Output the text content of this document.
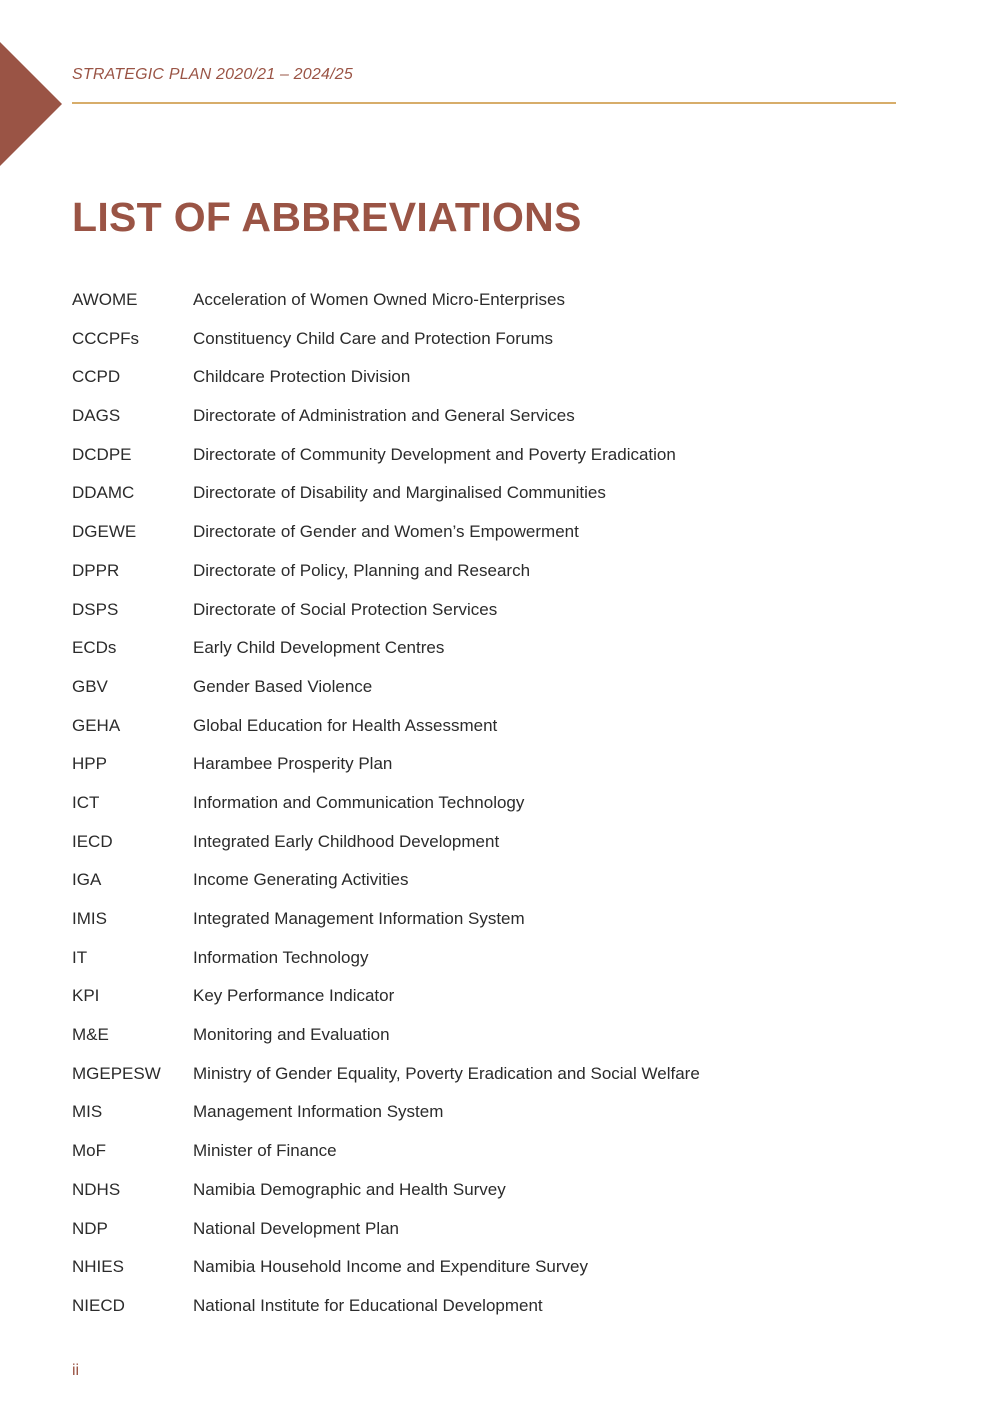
STRATEGIC PLAN 2020/21 – 2024/25
LIST OF ABBREVIATIONS
AWOME	Acceleration of Women Owned Micro-Enterprises
CCCPFs	Constituency Child Care and Protection Forums
CCPD	Childcare Protection Division
DAGS	Directorate of Administration and General Services
DCDPE	Directorate of Community Development and Poverty Eradication
DDAMC	Directorate of Disability and Marginalised Communities
DGEWE	Directorate of Gender and Women’s Empowerment
DPPR	Directorate of Policy, Planning and Research
DSPS	Directorate of Social Protection Services
ECDs	Early Child Development Centres
GBV	Gender Based Violence
GEHA	Global Education for Health Assessment
HPP	Harambee Prosperity Plan
ICT	Information and Communication Technology
IECD	Integrated Early Childhood Development
IGA	Income Generating Activities
IMIS	Integrated Management Information System
IT	Information Technology
KPI	Key Performance Indicator
M&E	Monitoring and Evaluation
MGEPESW	Ministry of Gender Equality, Poverty Eradication and Social Welfare
MIS	Management Information System
MoF	Minister of Finance
NDHS	Namibia Demographic and Health Survey
NDP	National Development Plan
NHIES	Namibia Household Income and Expenditure Survey
NIECD	National Institute for Educational Development
ii
